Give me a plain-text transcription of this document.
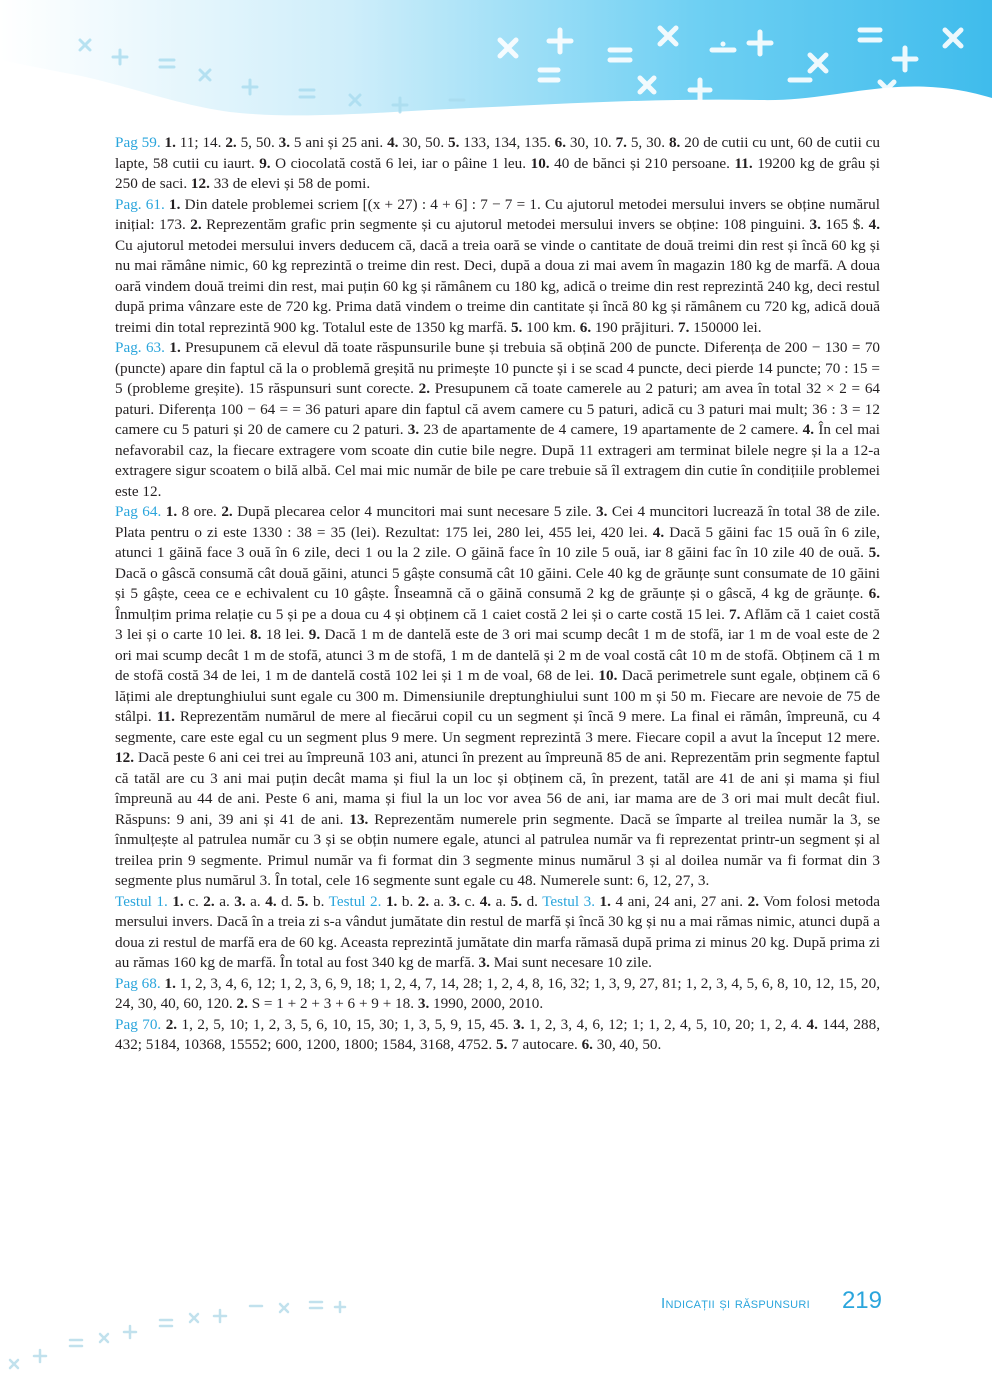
Pag 59. 1. 11; 14. 2. 5, 50. 3. 5 ani și 25 ani. 4. 30, 50. 5. 133, 134, 135. 6. 30, 10. 7. 5, 30. 8. 20 de cutii cu unt, 60 de cutii cu lapte, 58 cutii cu iaurt. 9. O ciocolată costă 6 lei, iar o pâine 1 leu. 10. 40 de bănci și 210 persoane. 11. 19200 kg de grâu și 250 de saci. 12. 33 de elevi și 58 de pomi.

Pag. 61. 1. Din datele problemei scriem [(x + 27) : 4 + 6] : 7 − 7 = 1. Cu ajutorul metodei mersului invers se obține numărul inițial: 173. 2. Reprezentăm grafic prin segmente și cu ajutorul metodei mersului invers se obține: 108 pinguini. 3. 165 $. 4. Cu ajutorul metodei mersului invers deducem că, dacă a treia oară se vinde o cantitate de două treimi din rest și încă 60 kg și nu mai rămâne nimic, 60 kg reprezintă o treime din rest. Deci, după a doua zi mai avem în magazin 180 kg de marfă. A doua oară vindem două treimi din rest, mai puțin 60 kg și rămânem cu 180 kg, adică o treime din rest reprezintă 240 kg, deci restul după prima vânzare este de 720 kg. Prima dată vindem o treime din cantitate și încă 80 kg și rămânem cu 720 kg, adică două treimi din total reprezintă 900 kg. Totalul este de 1350 kg marfă. 5. 100 km. 6. 190 prăjituri. 7. 150000 lei.

Pag. 63. 1. Presupunem că elevul dă toate răspunsurile bune și trebuia să obțină 200 de puncte. Diferența de 200 − 130 = 70 (puncte) apare din faptul că la o problemă greșită nu primește 10 puncte și i se scad 4 puncte, deci pierde 14 puncte; 70 : 15 = 5 (probleme greșite). 15 răspunsuri sunt corecte. 2. Presupunem că toate camerele au 2 paturi; am avea în total 32 × 2 = 64 paturi. Diferența 100 − 64 = = 36 paturi apare din faptul că avem camere cu 5 paturi, adică cu 3 paturi mai mult; 36 : 3 = 12 camere cu 5 paturi și 20 de camere cu 2 paturi. 3. 23 de apartamente de 4 camere, 19 apartamente de 2 camere. 4. În cel mai nefavorabil caz, la fiecare extragere vom scoate din cutie bile negre. După 11 extrageri am terminat bilele negre și la a 12-a extragere sigur scoatem o bilă albă. Cel mai mic număr de bile pe care trebuie să îl extragem din cutie în condițiile problemei este 12.

Pag 64. 1. 8 ore. 2. După plecarea celor 4 muncitori mai sunt necesare 5 zile. 3. Cei 4 muncitori lucrează în total 38 de zile. Plata pentru o zi este 1330 : 38 = 35 (lei). Rezultat: 175 lei, 280 lei, 455 lei, 420 lei. 4. Dacă 5 găini fac 15 ouă în 6 zile, atunci 1 găină face 3 ouă în 6 zile, deci 1 ou la 2 zile. O găină face în 10 zile 5 ouă, iar 8 găini fac în 10 zile 40 de ouă. 5. Dacă o gâscă consumă cât două găini, atunci 5 gâște consumă cât 10 găini. Cele 40 kg de grăunțe sunt consumate de 10 găini și 5 gâște, ceea ce e echivalent cu 10 gâște. Înseamnă că o găină consumă 2 kg de grăunțe și o gâscă, 4 kg de grăunțe. 6. Înmulțim prima relație cu 5 și pe a doua cu 4 și obținem că 1 caiet costă 2 lei și o carte costă 15 lei. 7. Aflăm că 1 caiet costă 3 lei și o carte 10 lei. 8. 18 lei. 9. Dacă 1 m de dantelă este de 3 ori mai scump decât 1 m de stofă, iar 1 m de voal este de 2 ori mai scump decât 1 m de stofă, atunci 3 m de stofă, 1 m de dantelă și 2 m de voal costă cât 10 m de stofă. Obținem că 1 m de stofă costă 34 de lei, 1 m de dantelă costă 102 lei și 1 m de voal, 68 de lei. 10. Dacă perimetrele sunt egale, obținem că 6 lățimi ale dreptunghiului sunt egale cu 300 m. Dimensiunile dreptunghiului sunt 100 m și 50 m. Fiecare are nevoie de 75 de stâlpi. 11. Reprezentăm numărul de mere al fiecărui copil cu un segment și încă 9 mere. La final ei rămân, împreună, cu 4 segmente, care este egal cu un segment plus 9 mere. Un segment reprezintă 3 mere. Fiecare copil a avut la început 12 mere. 12. Dacă peste 6 ani cei trei au împreună 103 ani, atunci în prezent au împreună 85 de ani. Reprezentăm prin segmente faptul că tatăl are cu 3 ani mai puțin decât mama și fiul la un loc și obținem că, în prezent, tatăl are 41 de ani și mama și fiul împreună au 44 de ani. Peste 6 ani, mama și fiul la un loc vor avea 56 de ani, iar mama are de 3 ori mai mult decât fiul. Răspuns: 9 ani, 39 ani și 41 de ani. 13. Reprezentăm numerele prin segmente. Dacă se împarte al treilea număr la 3, se înmulțește al patrulea număr cu 3 și se obțin numere egale, atunci al patrulea număr va fi reprezentat printr-un segment și al treilea prin 9 segmente. Primul număr va fi format din 3 segmente minus numărul 3 și al doilea număr va fi format din 3 segmente plus numărul 3. În total, cele 16 segmente sunt egale cu 48. Numerele sunt: 6, 12, 27, 3.

Testul 1. 1. c. 2. a. 3. a. 4. d. 5. b. Testul 2. 1. b. 2. a. 3. c. 4. a. 5. d. Testul 3. 1. 4 ani, 24 ani, 27 ani. 2. Vom folosi metoda mersului invers. Dacă în a treia zi s-a vândut jumătate din restul de marfă și încă 30 kg și nu a mai rămas nimic, atunci după a doua zi restul de marfă era de 60 kg. Aceasta reprezintă jumătate din marfa rămasă după prima zi minus 20 kg. După prima zi au rămas 160 kg de marfă. În total au fost 340 kg de marfă. 3. Mai sunt necesare 10 zile.

Pag 68. 1. 1, 2, 3, 4, 6, 12; 1, 2, 3, 6, 9, 18; 1, 2, 4, 7, 14, 28; 1, 2, 4, 8, 16, 32; 1, 3, 9, 27, 81; 1, 2, 3, 4, 5, 6, 8, 10, 12, 15, 20, 24, 30, 40, 60, 120. 2. S = 1 + 2 + 3 + 6 + 9 + 18. 3. 1990, 2000, 2010.

Pag 70. 2. 1, 2, 5, 10; 1, 2, 3, 5, 6, 10, 15, 30; 1, 3, 5, 9, 15, 45. 3. 1, 2, 3, 4, 6, 12; 1; 1, 2, 4, 5, 10, 20; 1, 2, 4. 4. 144, 288, 432; 5184, 10368, 15552; 600, 1200, 1800; 1584, 3168, 4752. 5. 7 autocare. 6. 30, 40, 50.

Indicații și răspunsuri 219
